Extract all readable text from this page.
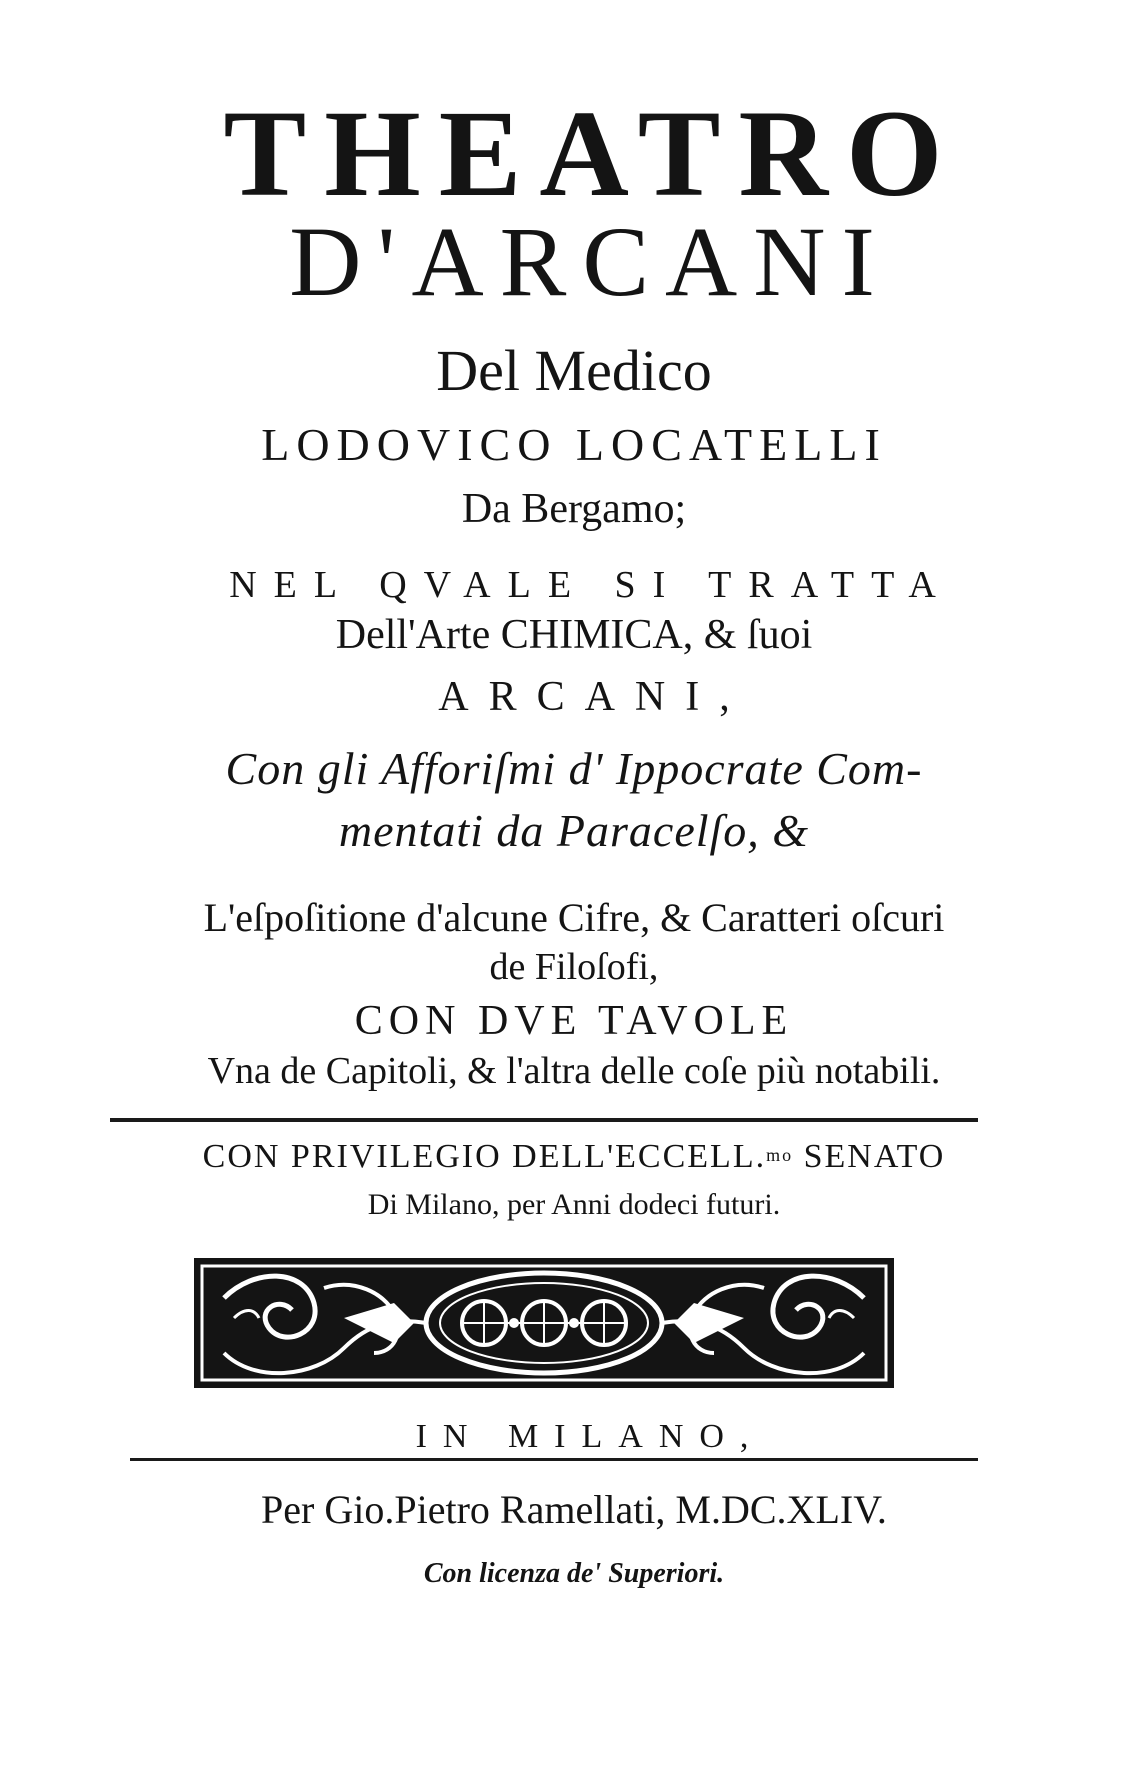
THEATRO
D'ARCANI
Del Medico
LODOVICO LOCATELLI
Da Bergamo;
NEL QVALE SI TRATTA
Dell'Arte CHIMICA, & ſuoi
ARCANI,
Con gli Afforiſmi d' Ippocrate Com-
mentati da Paracelſo, &
L'eſpoſitione d'alcune Cifre, & Caratteri oſcuri
de Filoſofi,
CON DVE TAVOLE
Vna de Capitoli, & l'altra delle coſe più notabili.
CON PRIVILEGIO DELL'ECCELL.$^{mo}$ SENATO
Di Milano, per Anni dodeci futuri.
IN MILANO,
Per Gio.Pietro Ramellati, M.DC.XLIV.
Con licenza de' Superiori.
